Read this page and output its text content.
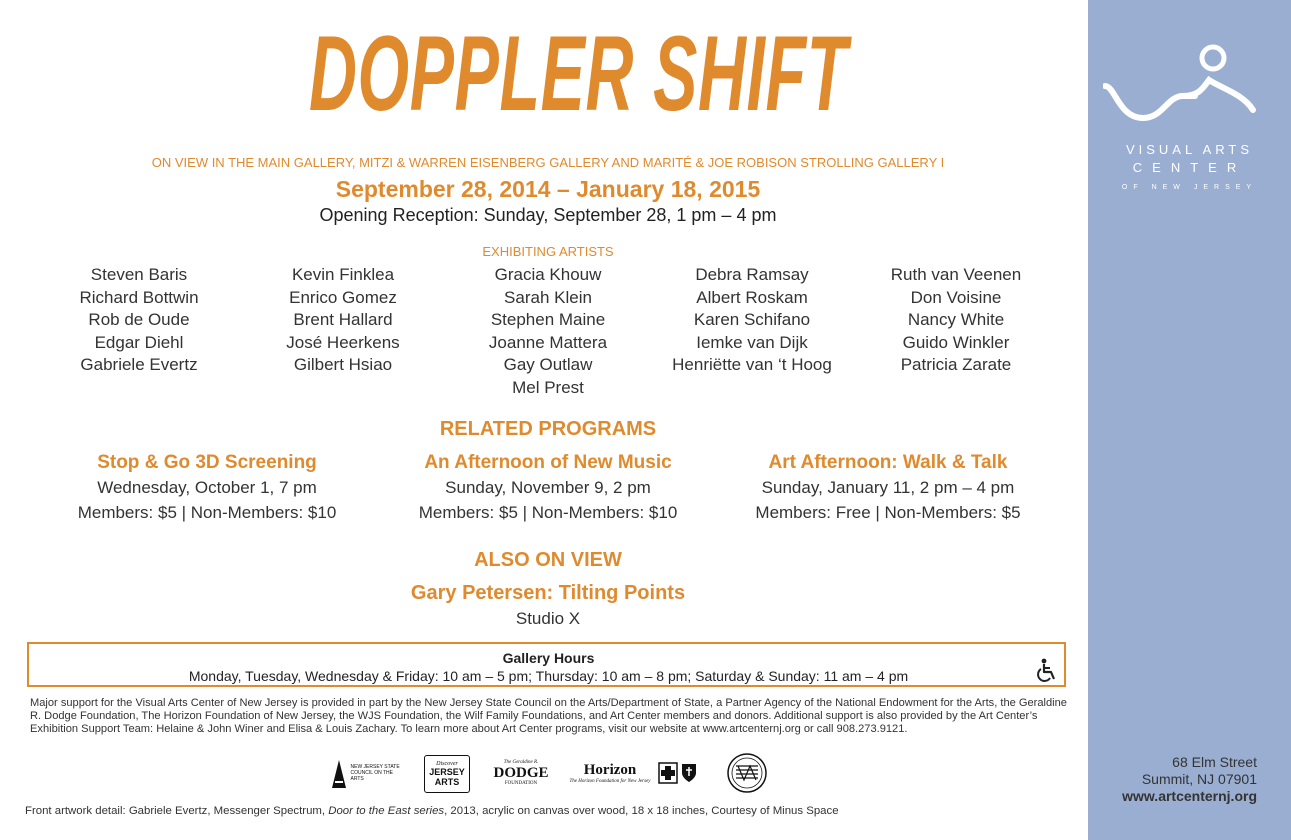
VISUAL ARTS
CENTER
OF NEW JERSEY
68 Elm Street
Summit, NJ 07901
www.artcenternj.org
DOPPLER SHIFT
ON VIEW IN THE MAIN GALLERY, MITZI & WARREN EISENBERG GALLERY AND MARITÉ & JOE ROBISON STROLLING GALLERY I
September 28, 2014 – January 18, 2015
Opening Reception: Sunday, September 28, 1 pm – 4 pm
EXHIBITING ARTISTS
Steven Baris
Richard Bottwin
Rob de Oude
Edgar Diehl
Gabriele Evertz
Kevin Finklea
Enrico Gomez
Brent Hallard
José Heerkens
Gilbert Hsiao
Gracia Khouw
Sarah Klein
Stephen Maine
Joanne Mattera
Gay Outlaw
Mel Prest
Debra Ramsay
Albert Roskam
Karen Schifano
Iemke van Dijk
Henriëtte van ‘t Hoog
Ruth van Veenen
Don Voisine
Nancy White
Guido Winkler
Patricia Zarate
RELATED PROGRAMS
Stop & Go 3D Screening
Wednesday, October 1, 7 pm
Members: $5 | Non-Members: $10
An Afternoon of New Music
Sunday, November 9, 2 pm
Members: $5 | Non-Members: $10
Art Afternoon: Walk & Talk
Sunday, January 11, 2 pm – 4 pm
Members: Free | Non-Members: $5
ALSO ON VIEW
Gary Petersen: Tilting Points
Studio X
Gallery Hours
Monday, Tuesday, Wednesday & Friday: 10 am – 5 pm; Thursday: 10 am – 8 pm; Saturday & Sunday: 11 am – 4 pm
Major support for the Visual Arts Center of New Jersey is provided in part by the New Jersey State Council on the Arts/Department of State, a Partner Agency of the National Endowment for the Arts, the Geraldine R. Dodge Foundation, The Horizon Foundation of New Jersey, the WJS Foundation, the Wilf Family Foundations, and Art Center members and donors. Additional support is also provided by the Art Center’s Exhibition Support Team: Helaine & John Winer and Elisa & Louis Zachary. To learn more about Art Center programs, visit our website at www.artcenternj.org or call 908.273.9121.
NEW JERSEY STATE COUNCIL ON THE ARTS
Discover
JERSEY ARTS
The Geraldine R.
DODGE
FOUNDATION
Horizon
The Horizon Foundation for New Jersey
Front artwork detail: Gabriele Evertz, Messenger Spectrum, Door to the East series, 2013, acrylic on canvas over wood, 18 x 18 inches, Courtesy of Minus Space
